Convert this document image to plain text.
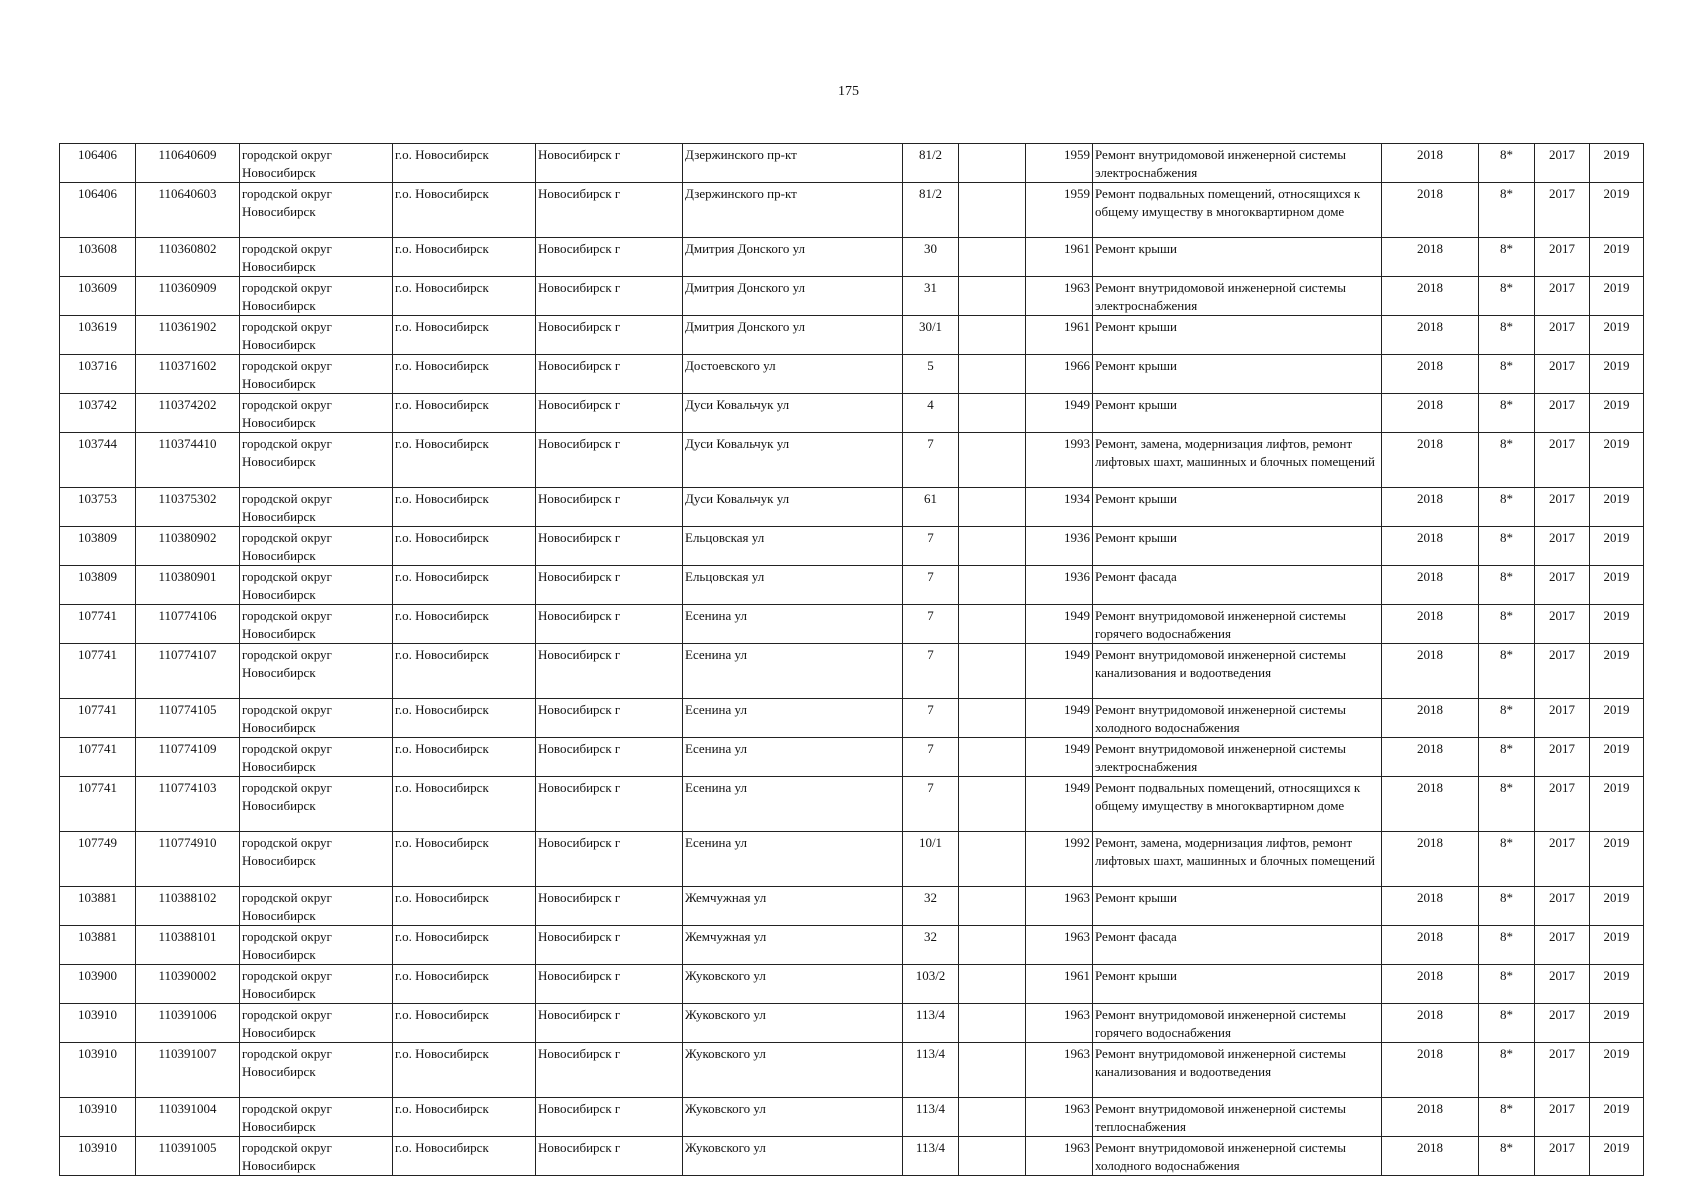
175
106406	110640609	городской округ Новосибирск	г.о. Новосибирск	Новосибирск г	Дзержинского пр-кт	81/2		1959	Ремонт внутридомовой инженерной системы электроснабжения	2018	8*	2017	2019
106406	110640603	городской округ Новосибирск	г.о. Новосибирск	Новосибирск г	Дзержинского пр-кт	81/2		1959	Ремонт подвальных помещений, относящихся к общему имуществу в многоквартирном доме	2018	8*	2017	2019
103608	110360802	городской округ Новосибирск	г.о. Новосибирск	Новосибирск г	Дмитрия Донского ул	30		1961	Ремонт крыши	2018	8*	2017	2019
103609	110360909	городской округ Новосибирск	г.о. Новосибирск	Новосибирск г	Дмитрия Донского ул	31		1963	Ремонт внутридомовой инженерной системы электроснабжения	2018	8*	2017	2019
103619	110361902	городской округ Новосибирск	г.о. Новосибирск	Новосибирск г	Дмитрия Донского ул	30/1		1961	Ремонт крыши	2018	8*	2017	2019
103716	110371602	городской округ Новосибирск	г.о. Новосибирск	Новосибирск г	Достоевского ул	5		1966	Ремонт крыши	2018	8*	2017	2019
103742	110374202	городской округ Новосибирск	г.о. Новосибирск	Новосибирск г	Дуси Ковальчук ул	4		1949	Ремонт крыши	2018	8*	2017	2019
103744	110374410	городской округ Новосибирск	г.о. Новосибирск	Новосибирск г	Дуси Ковальчук ул	7		1993	Ремонт, замена, модернизация лифтов, ремонт лифтовых шахт, машинных и блочных помещений	2018	8*	2017	2019
103753	110375302	городской округ Новосибирск	г.о. Новосибирск	Новосибирск г	Дуси Ковальчук ул	61		1934	Ремонт крыши	2018	8*	2017	2019
103809	110380902	городской округ Новосибирск	г.о. Новосибирск	Новосибирск г	Ельцовская ул	7		1936	Ремонт крыши	2018	8*	2017	2019
103809	110380901	городской округ Новосибирск	г.о. Новосибирск	Новосибирск г	Ельцовская ул	7		1936	Ремонт фасада	2018	8*	2017	2019
107741	110774106	городской округ Новосибирск	г.о. Новосибирск	Новосибирск г	Есенина ул	7		1949	Ремонт внутридомовой инженерной системы горячего водоснабжения	2018	8*	2017	2019
107741	110774107	городской округ Новосибирск	г.о. Новосибирск	Новосибирск г	Есенина ул	7		1949	Ремонт внутридомовой инженерной системы канализования и водоотведения	2018	8*	2017	2019
107741	110774105	городской округ Новосибирск	г.о. Новосибирск	Новосибирск г	Есенина ул	7		1949	Ремонт внутридомовой инженерной системы холодного водоснабжения	2018	8*	2017	2019
107741	110774109	городской округ Новосибирск	г.о. Новосибирск	Новосибирск г	Есенина ул	7		1949	Ремонт внутридомовой инженерной системы электроснабжения	2018	8*	2017	2019
107741	110774103	городской округ Новосибирск	г.о. Новосибирск	Новосибирск г	Есенина ул	7		1949	Ремонт подвальных помещений, относящихся к общему имуществу в многоквартирном доме	2018	8*	2017	2019
107749	110774910	городской округ Новосибирск	г.о. Новосибирск	Новосибирск г	Есенина ул	10/1		1992	Ремонт, замена, модернизация лифтов, ремонт лифтовых шахт, машинных и блочных помещений	2018	8*	2017	2019
103881	110388102	городской округ Новосибирск	г.о. Новосибирск	Новосибирск г	Жемчужная ул	32		1963	Ремонт крыши	2018	8*	2017	2019
103881	110388101	городской округ Новосибирск	г.о. Новосибирск	Новосибирск г	Жемчужная ул	32		1963	Ремонт фасада	2018	8*	2017	2019
103900	110390002	городской округ Новосибирск	г.о. Новосибирск	Новосибирск г	Жуковского ул	103/2		1961	Ремонт крыши	2018	8*	2017	2019
103910	110391006	городской округ Новосибирск	г.о. Новосибирск	Новосибирск г	Жуковского ул	113/4		1963	Ремонт внутридомовой инженерной системы горячего водоснабжения	2018	8*	2017	2019
103910	110391007	городской округ Новосибирск	г.о. Новосибирск	Новосибирск г	Жуковского ул	113/4		1963	Ремонт внутридомовой инженерной системы канализования и водоотведения	2018	8*	2017	2019
103910	110391004	городской округ Новосибирск	г.о. Новосибирск	Новосибирск г	Жуковского ул	113/4		1963	Ремонт внутридомовой инженерной системы теплоснабжения	2018	8*	2017	2019
103910	110391005	городской округ Новосибирск	г.о. Новосибирск	Новосибирск г	Жуковского ул	113/4		1963	Ремонт внутридомовой инженерной системы холодного водоснабжения	2018	8*	2017	2019
